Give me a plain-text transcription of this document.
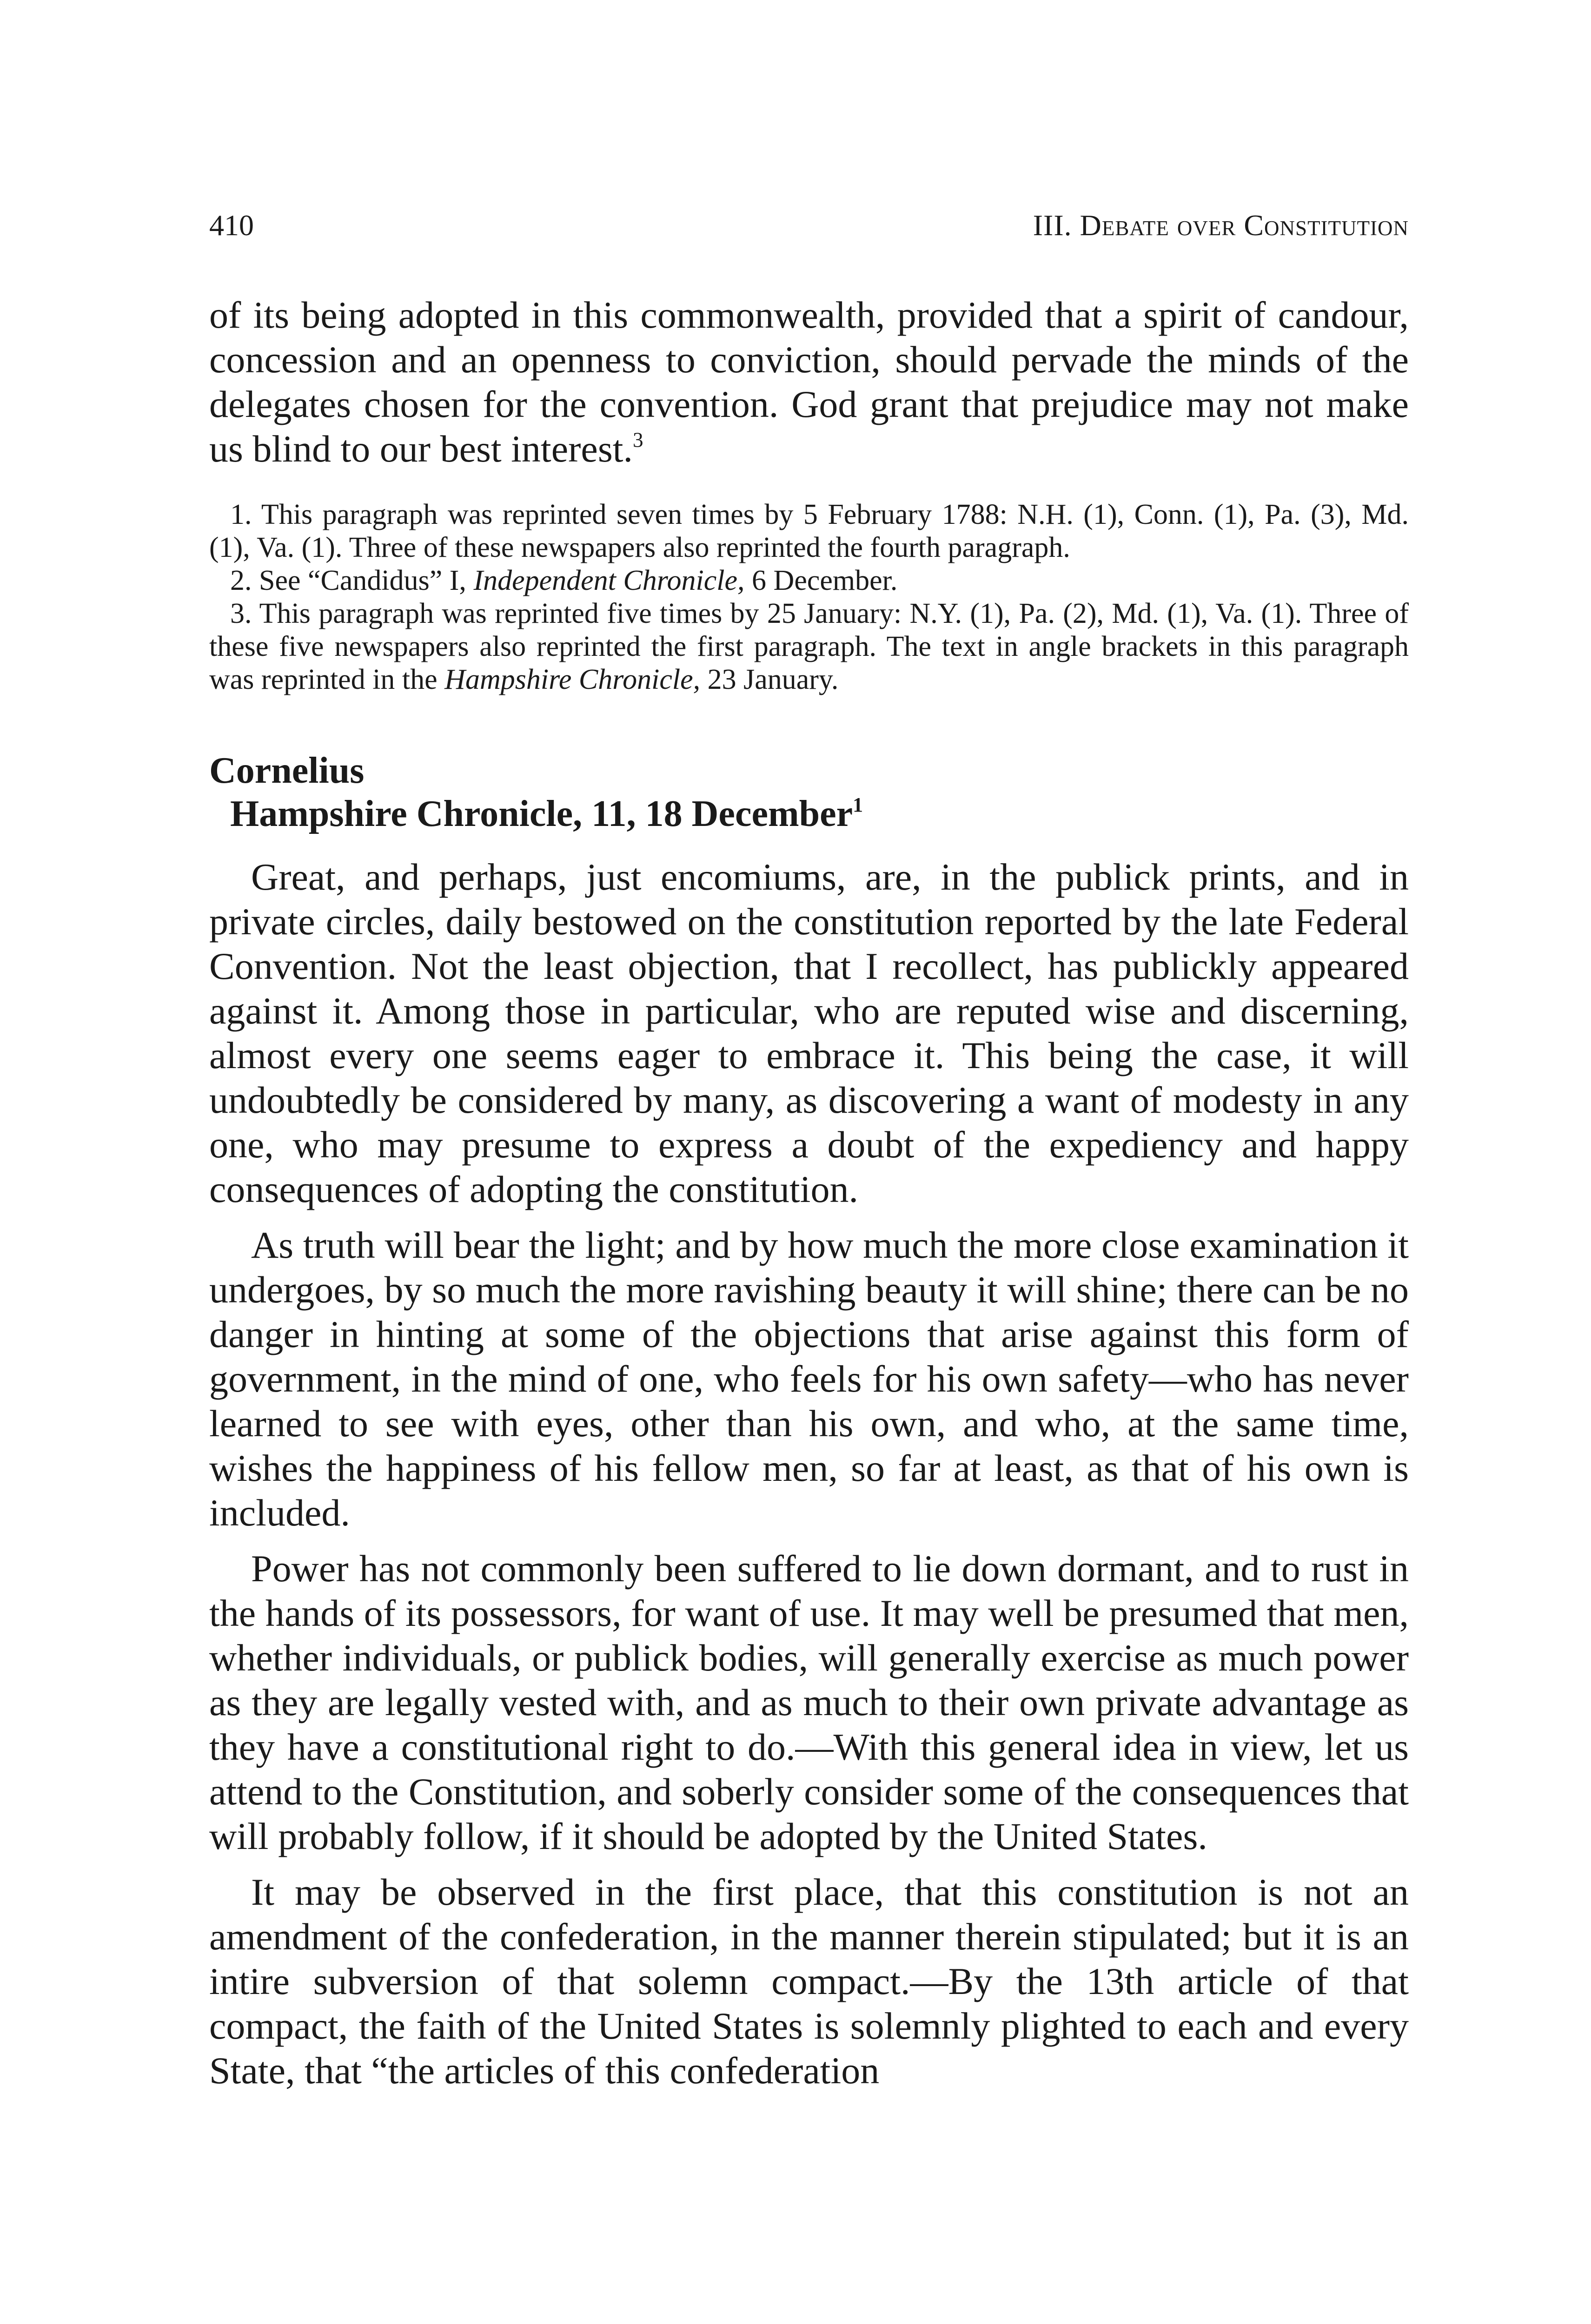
410	III. Debate over Constitution

of its being adopted in this commonwealth, provided that a spirit of candour, concession and an openness to conviction, should pervade the minds of the delegates chosen for the convention. God grant that prejudice may not make us blind to our best interest.$^3$

1. This paragraph was reprinted seven times by 5 February 1788: N.H. (1), Conn. (1), Pa. (3), Md. (1), Va. (1). Three of these newspapers also reprinted the fourth paragraph.

2. See “Candidus” I, Independent Chronicle, 6 December.

3. This paragraph was reprinted five times by 25 January: N.Y. (1), Pa. (2), Md. (1), Va. (1). Three of these five newspapers also reprinted the first paragraph. The text in angle brackets in this paragraph was reprinted in the Hampshire Chronicle, 23 January.

Cornelius
Hampshire Chronicle, 11, 18 December$^1$

Great, and perhaps, just encomiums, are, in the publick prints, and in private circles, daily bestowed on the constitution reported by the late Federal Convention. Not the least objection, that I recollect, has publickly appeared against it. Among those in particular, who are reputed wise and discerning, almost every one seems eager to embrace it. This being the case, it will undoubtedly be considered by many, as discovering a want of modesty in any one, who may presume to express a doubt of the expediency and happy consequences of adopting the constitution.

As truth will bear the light; and by how much the more close examination it undergoes, by so much the more ravishing beauty it will shine; there can be no danger in hinting at some of the objections that arise against this form of government, in the mind of one, who feels for his own safety—who has never learned to see with eyes, other than his own, and who, at the same time, wishes the happiness of his fellow men, so far at least, as that of his own is included.

Power has not commonly been suffered to lie down dormant, and to rust in the hands of its possessors, for want of use. It may well be presumed that men, whether individuals, or publick bodies, will generally exercise as much power as they are legally vested with, and as much to their own private advantage as they have a constitutional right to do.—With this general idea in view, let us attend to the Constitution, and soberly consider some of the consequences that will probably follow, if it should be adopted by the United States.

It may be observed in the first place, that this constitution is not an amendment of the confederation, in the manner therein stipulated; but it is an intire subversion of that solemn compact.—By the 13th article of that compact, the faith of the United States is solemnly plighted to each and every State, that “the articles of this confederation
